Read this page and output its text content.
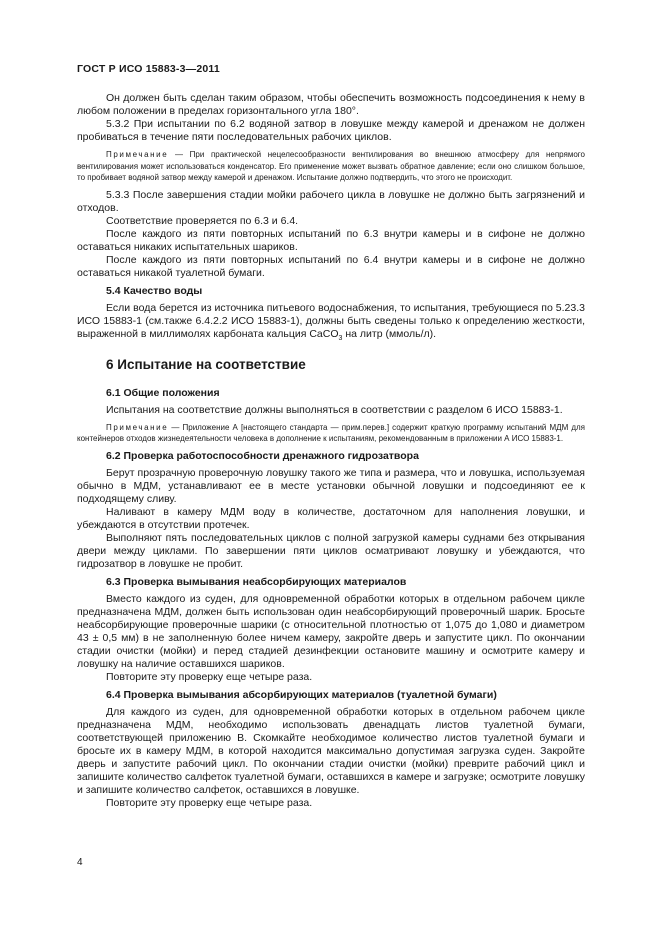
ГОСТ Р ИСО 15883-3—2011

Он должен быть сделан таким образом, чтобы обеспечить возможность подсоединения к нему в любом положении в пределах горизонтального угла 180°.

5.3.2 При испытании по 6.2 водяной затвор в ловушке между камерой и дренажом не должен пробиваться в течение пяти последовательных рабочих циклов.

Примечание — При практической нецелесообразности вентилирования во внешнюю атмосферу для непрямого вентилирования может использоваться конденсатор. Его применение может вызвать обратное давление; если оно слишком большое, то пробивает водяной затвор между камерой и дренажом. Испытание должно подтвердить, что этого не происходит.

5.3.3 После завершения стадии мойки рабочего цикла в ловушке не должно быть загрязнений и отходов.

Соответствие проверяется по 6.3 и 6.4.

После каждого из пяти повторных испытаний по 6.3 внутри камеры и в сифоне не должно оставаться никаких испытательных шариков.

После каждого из пяти повторных испытаний по 6.4 внутри камеры и в сифоне не должно оставаться никакой туалетной бумаги.

5.4 Качество воды

Если вода берется из источника питьевого водоснабжения, то испытания, требующиеся по 5.23.3 ИСО 15883-1 (см.также 6.4.2.2 ИСО 15883-1), должны быть сведены только к определению жесткости, выраженной в миллимолях карбоната кальция CaCO$_3$ на литр (ммоль/л).

6 Испытание на соответствие
6.1 Общие положения

Испытания на соответствие должны выполняться в соответствии с разделом 6 ИСО 15883-1.

Примечание — Приложение А [настоящего стандарта — прим.перев.] содержит краткую программу испытаний МДМ для контейнеров отходов жизнедеятельности человека в дополнение к испытаниям, рекомендованным в приложении А ИСО 15883-1.

6.2 Проверка работоспособности дренажного гидрозатвора

Берут прозрачную проверочную ловушку такого же типа и размера, что и ловушка, используемая обычно в МДМ, устанавливают ее в месте установки обычной ловушки и подсоединяют ее к подходящему сливу.

Наливают в камеру МДМ воду в количестве, достаточном для наполнения ловушки, и убеждаются в отсутствии протечек.

Выполняют пять последовательных циклов с полной загрузкой камеры суднами без открывания двери между циклами. По завершении пяти циклов осматривают ловушку и убеждаются, что гидрозатвор в ловушке не пробит.

6.3 Проверка вымывания неабсорбирующих материалов

Вместо каждого из суден, для одновременной обработки которых в отдельном рабочем цикле предназначена МДМ, должен быть использован один неабсорбирующий проверочный шарик. Бросьте неабсорбирующие проверочные шарики (с относительной плотностью от 1,075 до 1,080 и диаметром 43 ± 0,5 мм) в не заполненную более ничем камеру, закройте дверь и запустите цикл. По окончании стадии очистки (мойки) и перед стадией дезинфекции остановите машину и осмотрите камеру и ловушку на наличие оставшихся шариков.

Повторите эту проверку еще четыре раза.

6.4 Проверка вымывания абсорбирующих материалов (туалетной бумаги)

Для каждого из суден, для одновременной обработки которых в отдельном рабочем цикле предназначена МДМ, необходимо использовать двенадцать листов туалетной бумаги, соответствующей приложению В. Скомкайте необходимое количество листов туалетной бумаги и бросьте их в камеру МДМ, в которой находится максимально допустимая загрузка суден. Закройте дверь и запустите рабочий цикл. По окончании стадии очистки (мойки) преврите рабочий цикл и запишите количество салфеток туалетной бумаги, оставшихся в камере и загрузке; осмотрите ловушку и запишите количество салфеток, оставшихся в ловушке.

Повторите эту проверку еще четыре раза.

4
